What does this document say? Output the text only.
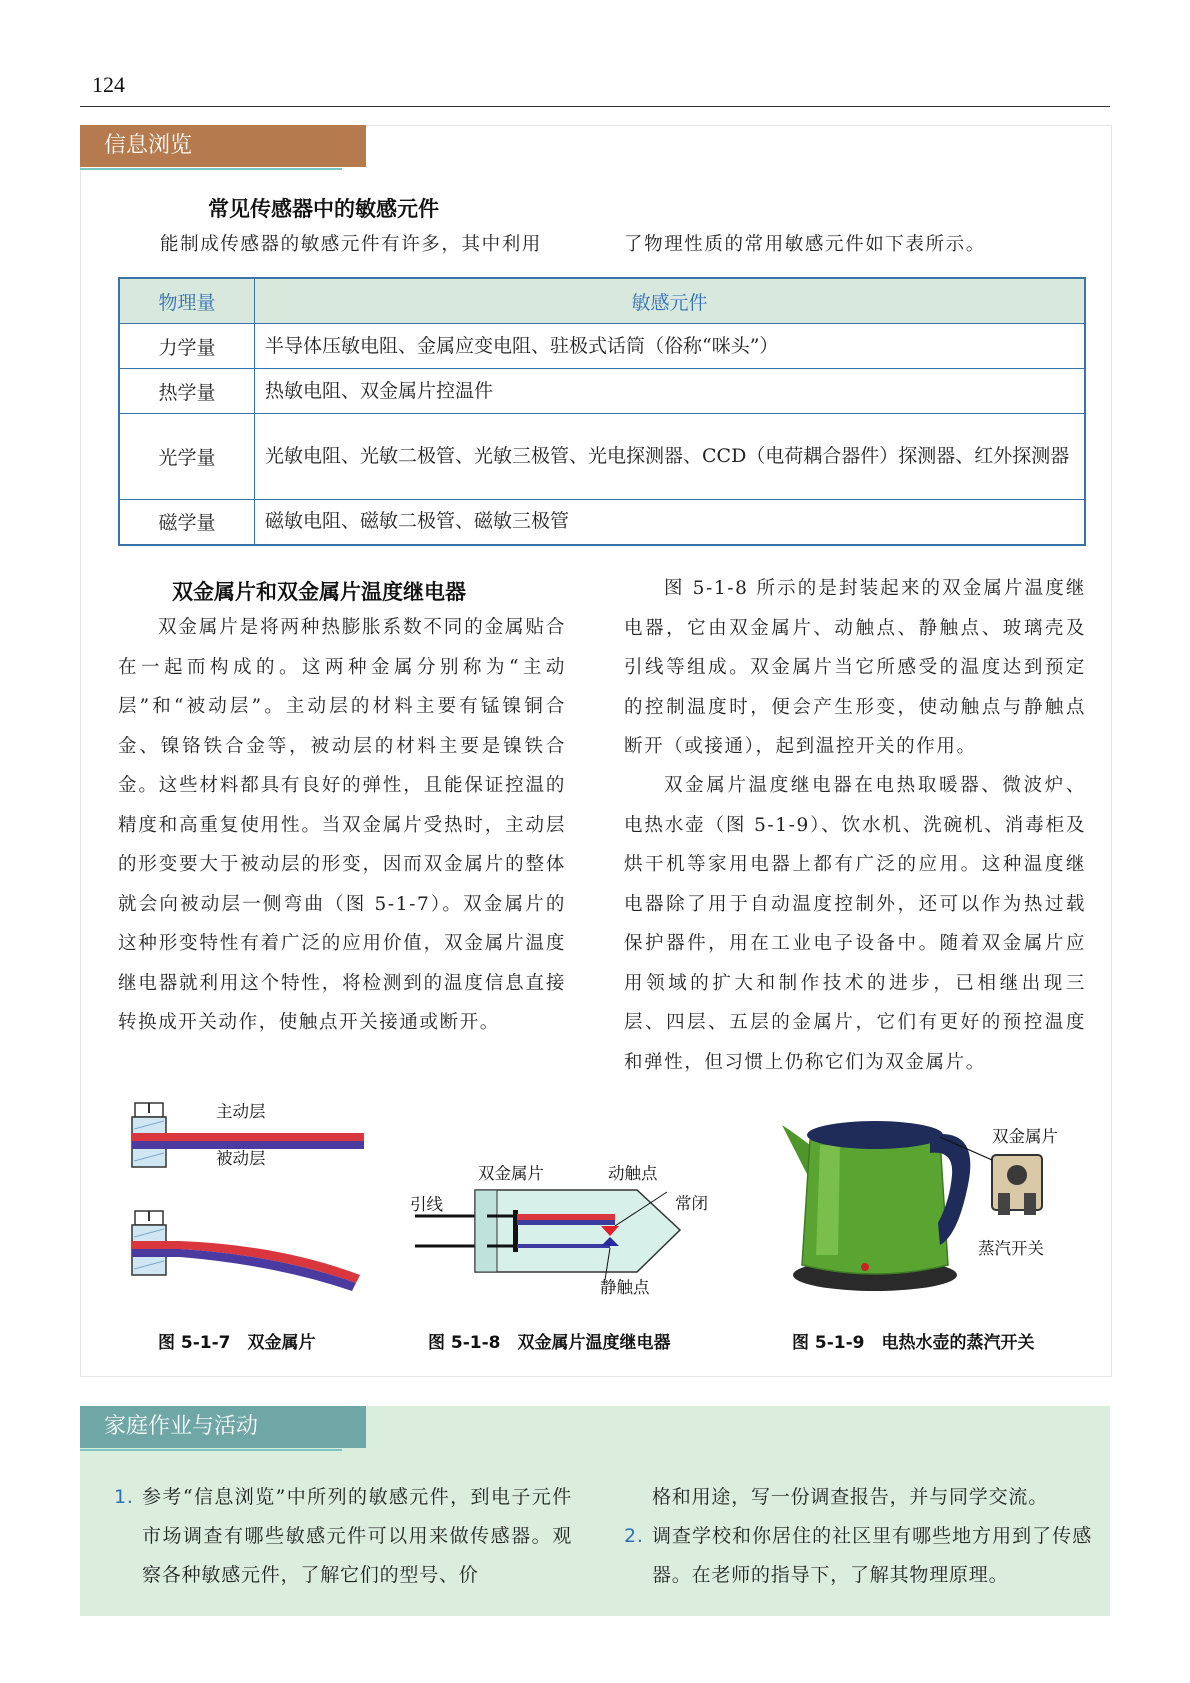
124
信息浏览
常见传感器中的敏感元件
能制成传感器的敏感元件有许多，其中利用	了物理性质的常用敏感元件如下表所示。
物理量	敏感元件
力学量	半导体压敏电阻、金属应变电阻、驻极式话筒（俗称“咪头”）
热学量	热敏电阻、双金属片控温件
光学量	光敏电阻、光敏二极管、光敏三极管、光电探测器、CCD（电荷耦合器件）探测器、红外探测器
磁学量	磁敏电阻、磁敏二极管、磁敏三极管
双金属片和双金属片温度继电器
双金属片是将两种热膨胀系数不同的金属贴合在一起而构成的。这两种金属分别称为“主动层”和“被动层”。主动层的材料主要有锰镍铜合金、镍铬铁合金等，被动层的材料主要是镍铁合金。这些材料都具有良好的弹性，且能保证控温的精度和高重复使用性。当双金属片受热时，主动层的形变要大于被动层的形变，因而双金属片的整体就会向被动层一侧弯曲（图 5-1-7）。双金属片的这种形变特性有着广泛的应用价值，双金属片温度继电器就利用这个特性，将检测到的温度信息直接转换成开关动作，使触点开关接通或断开。
图 5-1-8 所示的是封装起来的双金属片温度继电器，它由双金属片、动触点、静触点、玻璃壳及引线等组成。双金属片当它所感受的温度达到预定的控制温度时，便会产生形变，使动触点与静触点断开（或接通），起到温控开关的作用。
双金属片温度继电器在电热取暖器、微波炉、电热水壶（图 5-1-9）、饮水机、洗碗机、消毒柜及烘干机等家用电器上都有广泛的应用。这种温度继电器除了用于自动温度控制外，还可以作为热过载保护器件，用在工业电子设备中。随着双金属片应用领域的扩大和制作技术的进步，已相继出现三层、四层、五层的金属片，它们有更好的预控温度和弹性，但习惯上仍称它们为双金属片。
主动层
被动层
图 5-1-7　双金属片
双金属片	动触点
引线	常闭
静触点
图 5-1-8　双金属片温度继电器
双金属片
蒸汽开关
图 5-1-9　电热水壶的蒸汽开关
家庭作业与活动
1. 参考“信息浏览”中所列的敏感元件，到电子元件市场调查有哪些敏感元件可以用来做传感器。观察各种敏感元件，了解它们的型号、价
格和用途，写一份调查报告，并与同学交流。
2. 调查学校和你居住的社区里有哪些地方用到了传感器。在老师的指导下，了解其物理原理。
